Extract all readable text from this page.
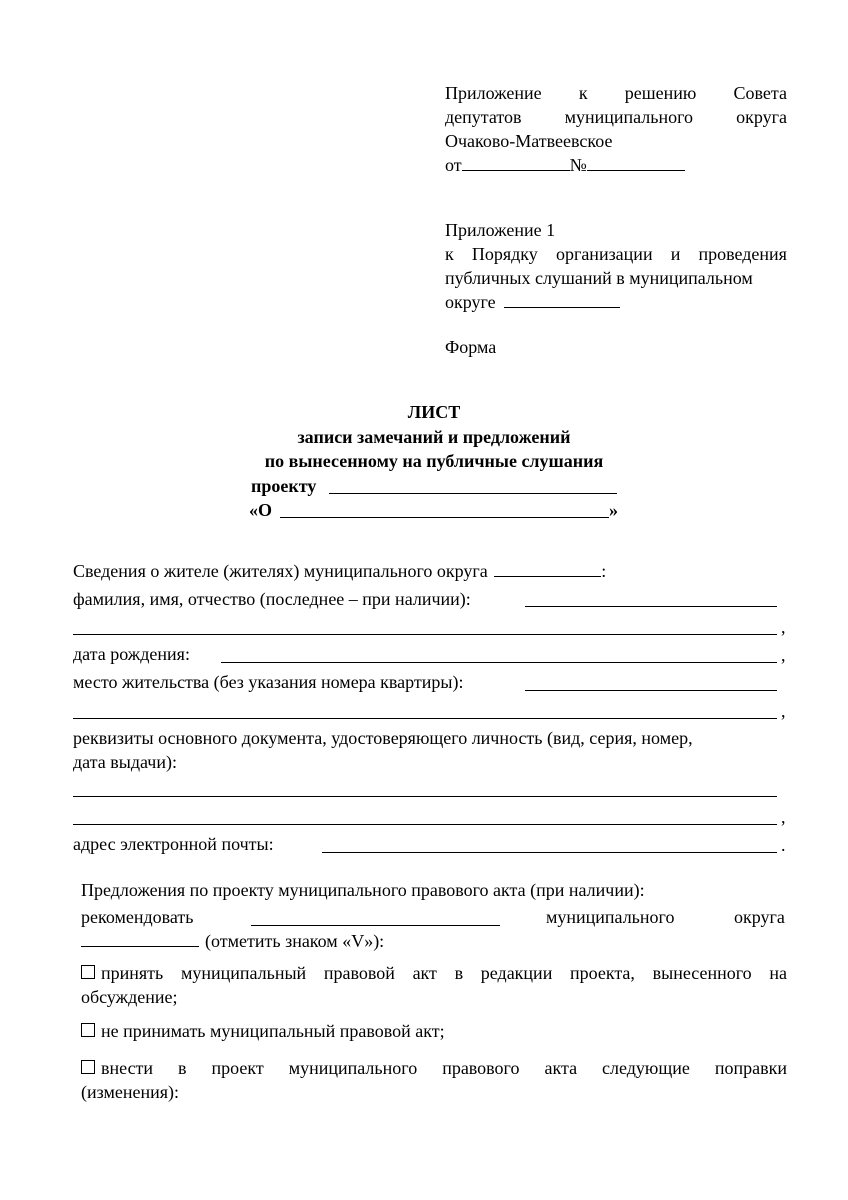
Приложение к решению Совета
депутатов муниципального округа
Очаково-Матвеевское
от	№
Приложение 1
к Порядку организации и проведения
публичных слушаний в муниципальном
округе
Форма
ЛИСТ
записи замечаний и предложений
по вынесенному на публичные слушания
проекту
«О	»
Сведения о жителе (жителях) муниципального округа	:
фамилия, имя, отчество (последнее – при наличии):
,
дата рождения:	,
место жительства (без указания номера квартиры):
,
реквизиты основного документа, удостоверяющего личность (вид, серия, номер,
дата выдачи):
,
адрес электронной почты:	.
Предложения по проекту муниципального правового акта (при наличии):
рекомендовать	муниципального	округа
(отметить знаком «V»):
принять муниципальный правовой акт в редакции проекта, вынесенного на
обсуждение;
не принимать муниципальный правовой акт;
внести в проект муниципального правового акта следующие поправки
(изменения):
